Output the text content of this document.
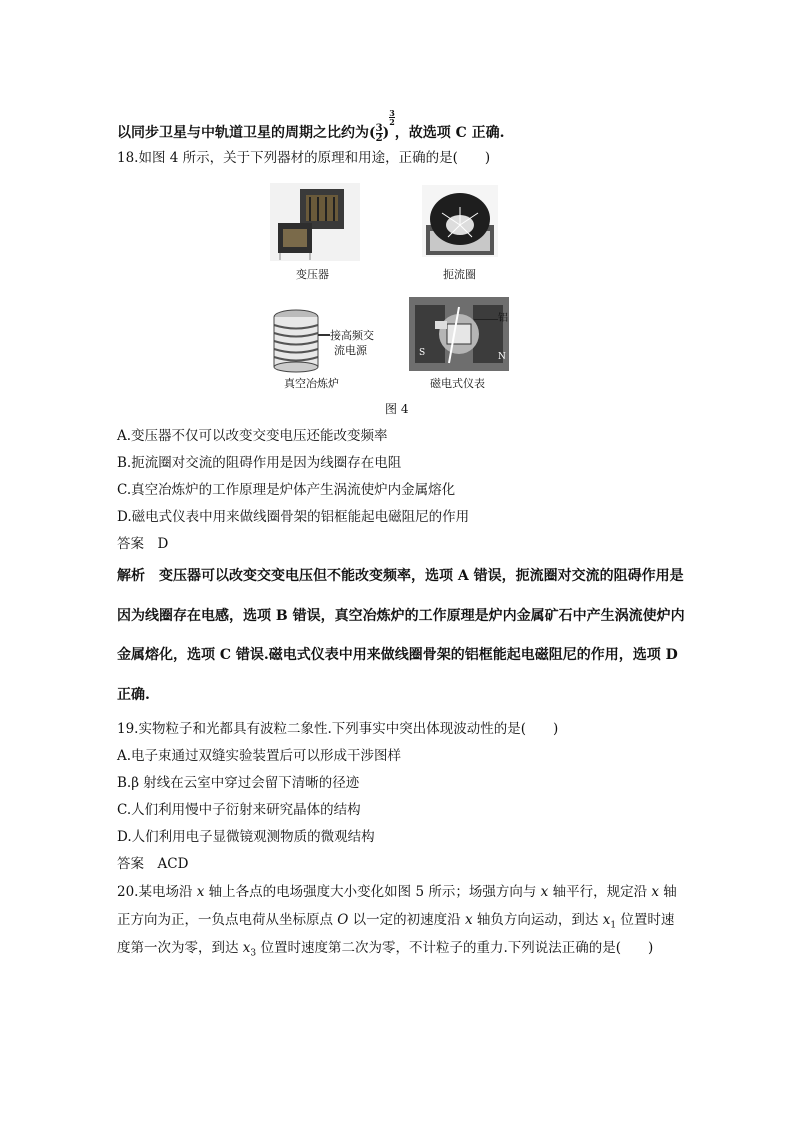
以同步卫星与中轨道卫星的周期之比约为( $\frac{3}{2}$ )
$\frac{3}{2}$
，故选项 C 正确.
18.如图 4 所示，关于下列器材的原理和用途，正确的是(　　)
变压器	扼流圈
接高频交
流电源
真空冶炼炉
铝
S	N
磁电式仪表
图 4
A.变压器不仅可以改变交变电压还能改变频率
B.扼流圈对交流的阻碍作用是因为线圈存在电阻
C.真空冶炼炉的工作原理是炉体产生涡流使炉内金属熔化
D.磁电式仪表中用来做线圈骨架的铝框能起电磁阻尼的作用
答案　D
解析　变压器可以改变交变电压但不能改变频率，选项 A 错误，扼流圈对交流的阻碍作用是
因为线圈存在电感，选项 B 错误，真空冶炼炉的工作原理是炉内金属矿石中产生涡流使炉内
金属熔化，选项 C 错误.磁电式仪表中用来做线圈骨架的铝框能起电磁阻尼的作用，选项 D
正确.
19.实物粒子和光都具有波粒二象性.下列事实中突出体现波动性的是(　　)
A.电子束通过双缝实验装置后可以形成干涉图样
B.β 射线在云室中穿过会留下清晰的径迹
C.人们利用慢中子衍射来研究晶体的结构
D.人们利用电子显微镜观测物质的微观结构
答案　ACD
20.某电场沿 x 轴上各点的电场强度大小变化如图 5 所示；场强方向与 x 轴平行，规定沿 x 轴
正方向为正，一负点电荷从坐标原点 O 以一定的初速度沿 x 轴负方向运动，到达 $x_1$ 位置时速
度第一次为零，到达 $x_3$ 位置时速度第二次为零，不计粒子的重力.下列说法正确的是(　　)
